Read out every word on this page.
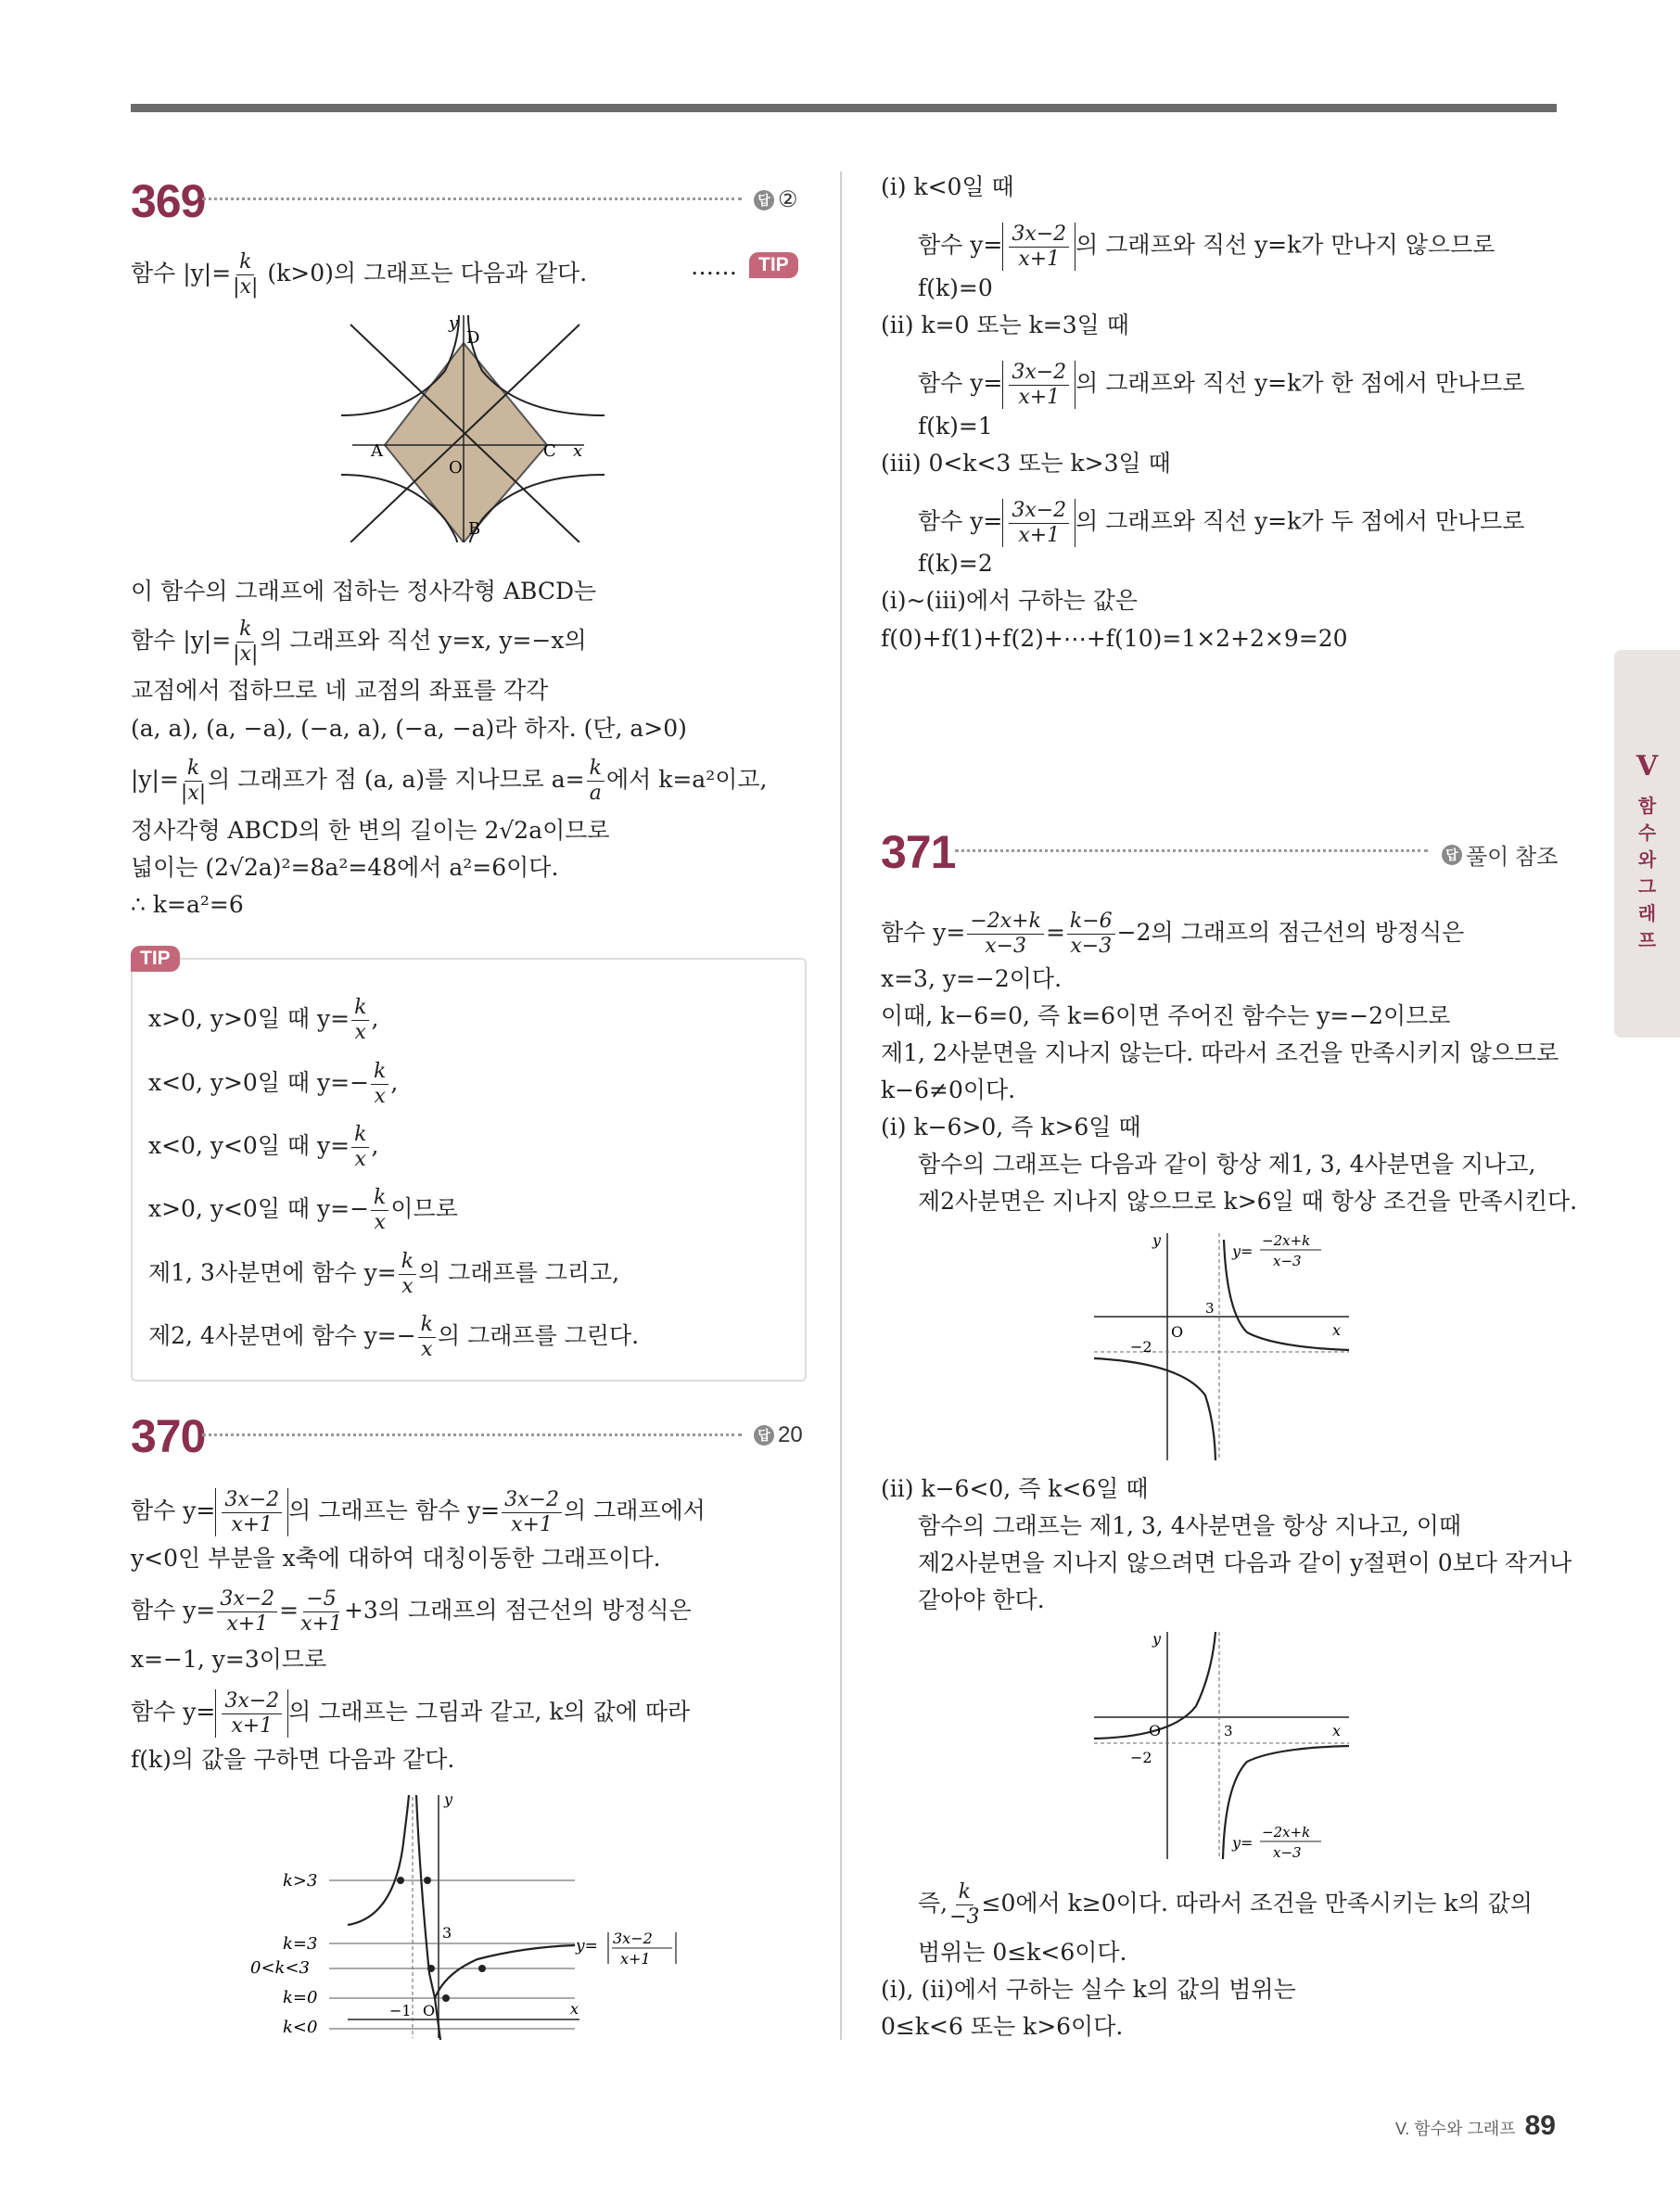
369	답 ②
함수 $|y|= \frac{k}{|x|} (k>0)$의 그래프는 다음과 같다.	……	TIP
y
x
O
A
B
C
D
이 함수의 그래프에 접하는 정사각형 ABCD는
함수 $|y|= \frac{k}{|x|}$ 의 그래프와 직선 y=x, y=−x의
교점에서 접하므로 네 교점의 좌표를 각각
(a, a), (a, −a), (−a, a), (−a, −a)라 하자. (단, a>0)
$|y|= \frac{k}{|x|}$ 의 그래프가 점 (a, a)를 지나므로 $a= \frac{k}{a}$ 에서 k=a²이고,
정사각형 ABCD의 한 변의 길이는 2√2a이므로
넓이는 (2√2a)²=8a²=48에서 a²=6이다.
∴ k=a²=6
TIP
x>0, y>0일 때 $y= \frac{k}{x}$ ,
x<0, y>0일 때 $y=- \frac{k}{x}$ ,
x<0, y<0일 때 $y= \frac{k}{x}$ ,
x>0, y<0일 때 $y=- \frac{k}{x}$ 이므로
제1, 3사분면에 함수 $y= \frac{k}{x}$ 의 그래프를 그리고,
제2, 4사분면에 함수 $y=- \frac{k}{x}$ 의 그래프를 그린다.
370	답 20
함수 $y= \frac{3x-2}{x+1}$ 의 그래프는 함수 $y= \frac{3x-2}{x+1}$ 의 그래프에서
y<0인 부분을 x축에 대하여 대칭이동한 그래프이다.
함수 $y= \frac{3x-2}{x+1} = \frac{-5}{x+1} +3$의 그래프의 점근선의 방정식은
x=−1, y=3이므로
함수 $y= \frac{3x-2}{x+1}$ 의 그래프는 그림과 같고, k의 값에 따라
f(k)의 값을 구하면 다음과 같다.
k>3
k=3
0<k<3
k=0
k<0
3
−1 O	x
y
y= 3x−2
x+1
(ⅰ) k<0일 때
함수 $y= \frac{3x-2}{x+1}$ 의 그래프와 직선 y=k가 만나지 않으므로
f(k)=0
(ⅱ) k=0 또는 k=3일 때
함수 $y= \frac{3x-2}{x+1}$ 의 그래프와 직선 y=k가 한 점에서 만나므로
f(k)=1
(ⅲ) 0<k<3 또는 k>3일 때
함수 $y= \frac{3x-2}{x+1}$ 의 그래프와 직선 y=k가 두 점에서 만나므로
f(k)=2
(ⅰ)~(ⅲ)에서 구하는 값은
f(0)+f(1)+f(2)+⋯+f(10)=1×2+2×9=20
371	답 풀이 참조
함수 $y= \frac{-2x+k}{x-3} = \frac{k-6}{x-3} -2$의 그래프의 점근선의 방정식은
x=3, y=−2이다.
이때, k−6=0, 즉 k=6이면 주어진 함수는 y=−2이므로
제1, 2사분면을 지나지 않는다. 따라서 조건을 만족시키지 않으므로
k−6≠0이다.
(ⅰ) k−6>0, 즉 k>6일 때
함수의 그래프는 다음과 같이 항상 제1, 3, 4사분면을 지나고,
제2사분면은 지나지 않으므로 k>6일 때 항상 조건을 만족시킨다.
y
x
O
3
−2
y=
−2x+k
x−3
(ⅱ) k−6<0, 즉 k<6일 때
함수의 그래프는 제1, 3, 4사분면을 항상 지나고, 이때
제2사분면을 지나지 않으려면 다음과 같이 y절편이 0보다 작거나
같아야 한다.
y
x
O	3
−2
y=
−2x+k
x−3
즉, $\frac{k}{-3} \le 0$에서 k≥0이다. 따라서 조건을 만족시키는 k의 값의
범위는 0≤k<6이다.
(ⅰ), (ⅱ)에서 구하는 실수 k의 값의 범위는
0≤k<6 또는 k>6이다.
V
함
수
와
그
래
프
V. 함수와 그래프 89
